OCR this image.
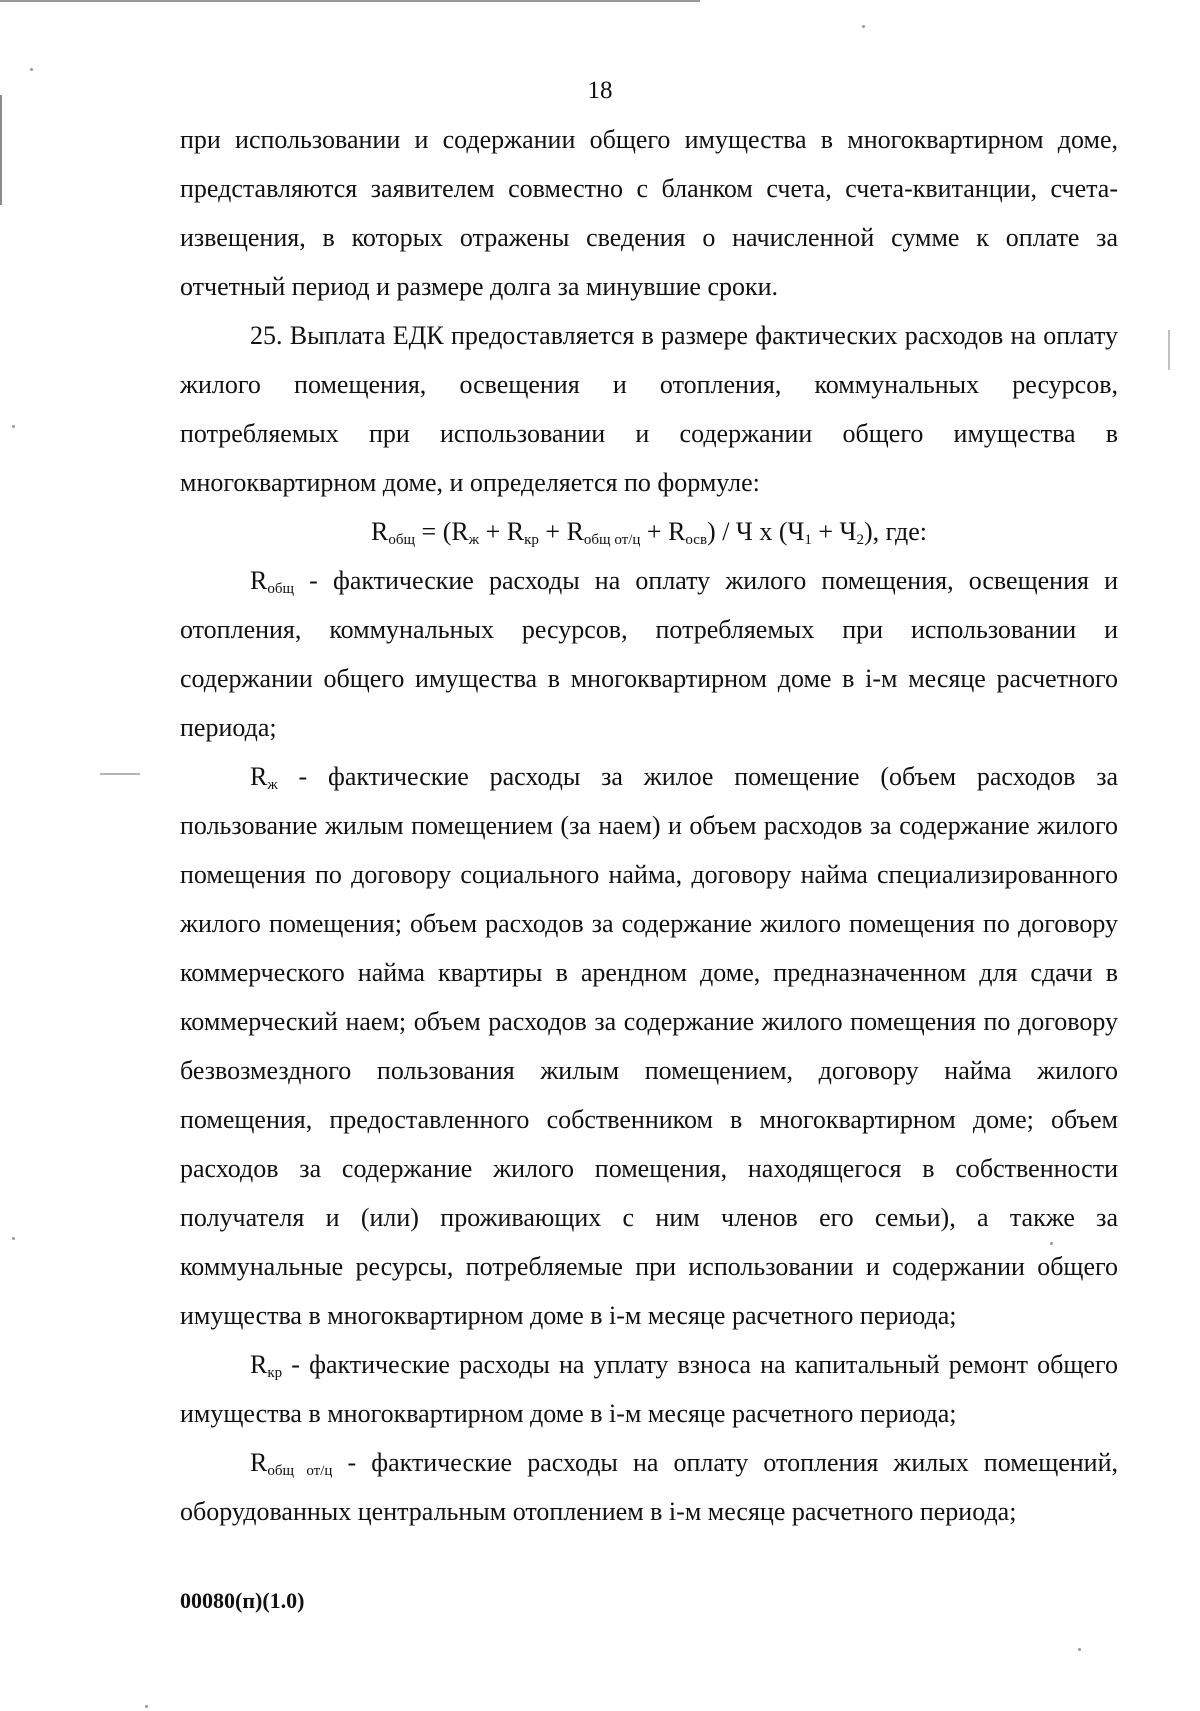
18

при использовании и содержании общего имущества в многоквартирном доме, представляются заявителем совместно с бланком счета, счета-квитанции, счета-извещения, в которых отражены сведения о начисленной сумме к оплате за отчетный период и размере долга за минувшие сроки.

25. Выплата ЕДК предоставляется в размере фактических расходов на оплату жилого помещения, освещения и отопления, коммунальных ресурсов, потребляемых при использовании и содержании общего имущества в многоквартирном доме, и определяется по формуле:

$R_{общ} = (R_ж + R_{кр} + R_{общ от/ц} + R_{осв}) / Ч$ x $(Ч_1 + Ч_2)$, где:

$R_{общ}$ - фактические расходы на оплату жилого помещения, освещения и отопления, коммунальных ресурсов, потребляемых при использовании и содержании общего имущества в многоквартирном доме в i-м месяце расчетного периода;

$R_ж$ - фактические расходы за жилое помещение (объем расходов за пользование жилым помещением (за наем) и объем расходов за содержание жилого помещения по договору социального найма, договору найма специализированного жилого помещения; объем расходов за содержание жилого помещения по договору коммерческого найма квартиры в арендном доме, предназначенном для сдачи в коммерческий наем; объем расходов за содержание жилого помещения по договору безвозмездного пользования жилым помещением, договору найма жилого помещения, предоставленного собственником в многоквартирном доме; объем расходов за содержание жилого помещения, находящегося в собственности получателя и (или) проживающих с ним членов его семьи), а также за коммунальные ресурсы, потребляемые при использовании и содержании общего имущества в многоквартирном доме в i-м месяце расчетного периода;

$R_{кр}$ - фактические расходы на уплату взноса на капитальный ремонт общего имущества в многоквартирном доме в i-м месяце расчетного периода;

$R_{общ от/ц}$ - фактические расходы на оплату отопления жилых помещений, оборудованных центральным отоплением в i-м месяце расчетного периода;

00080(п)(1.0)
